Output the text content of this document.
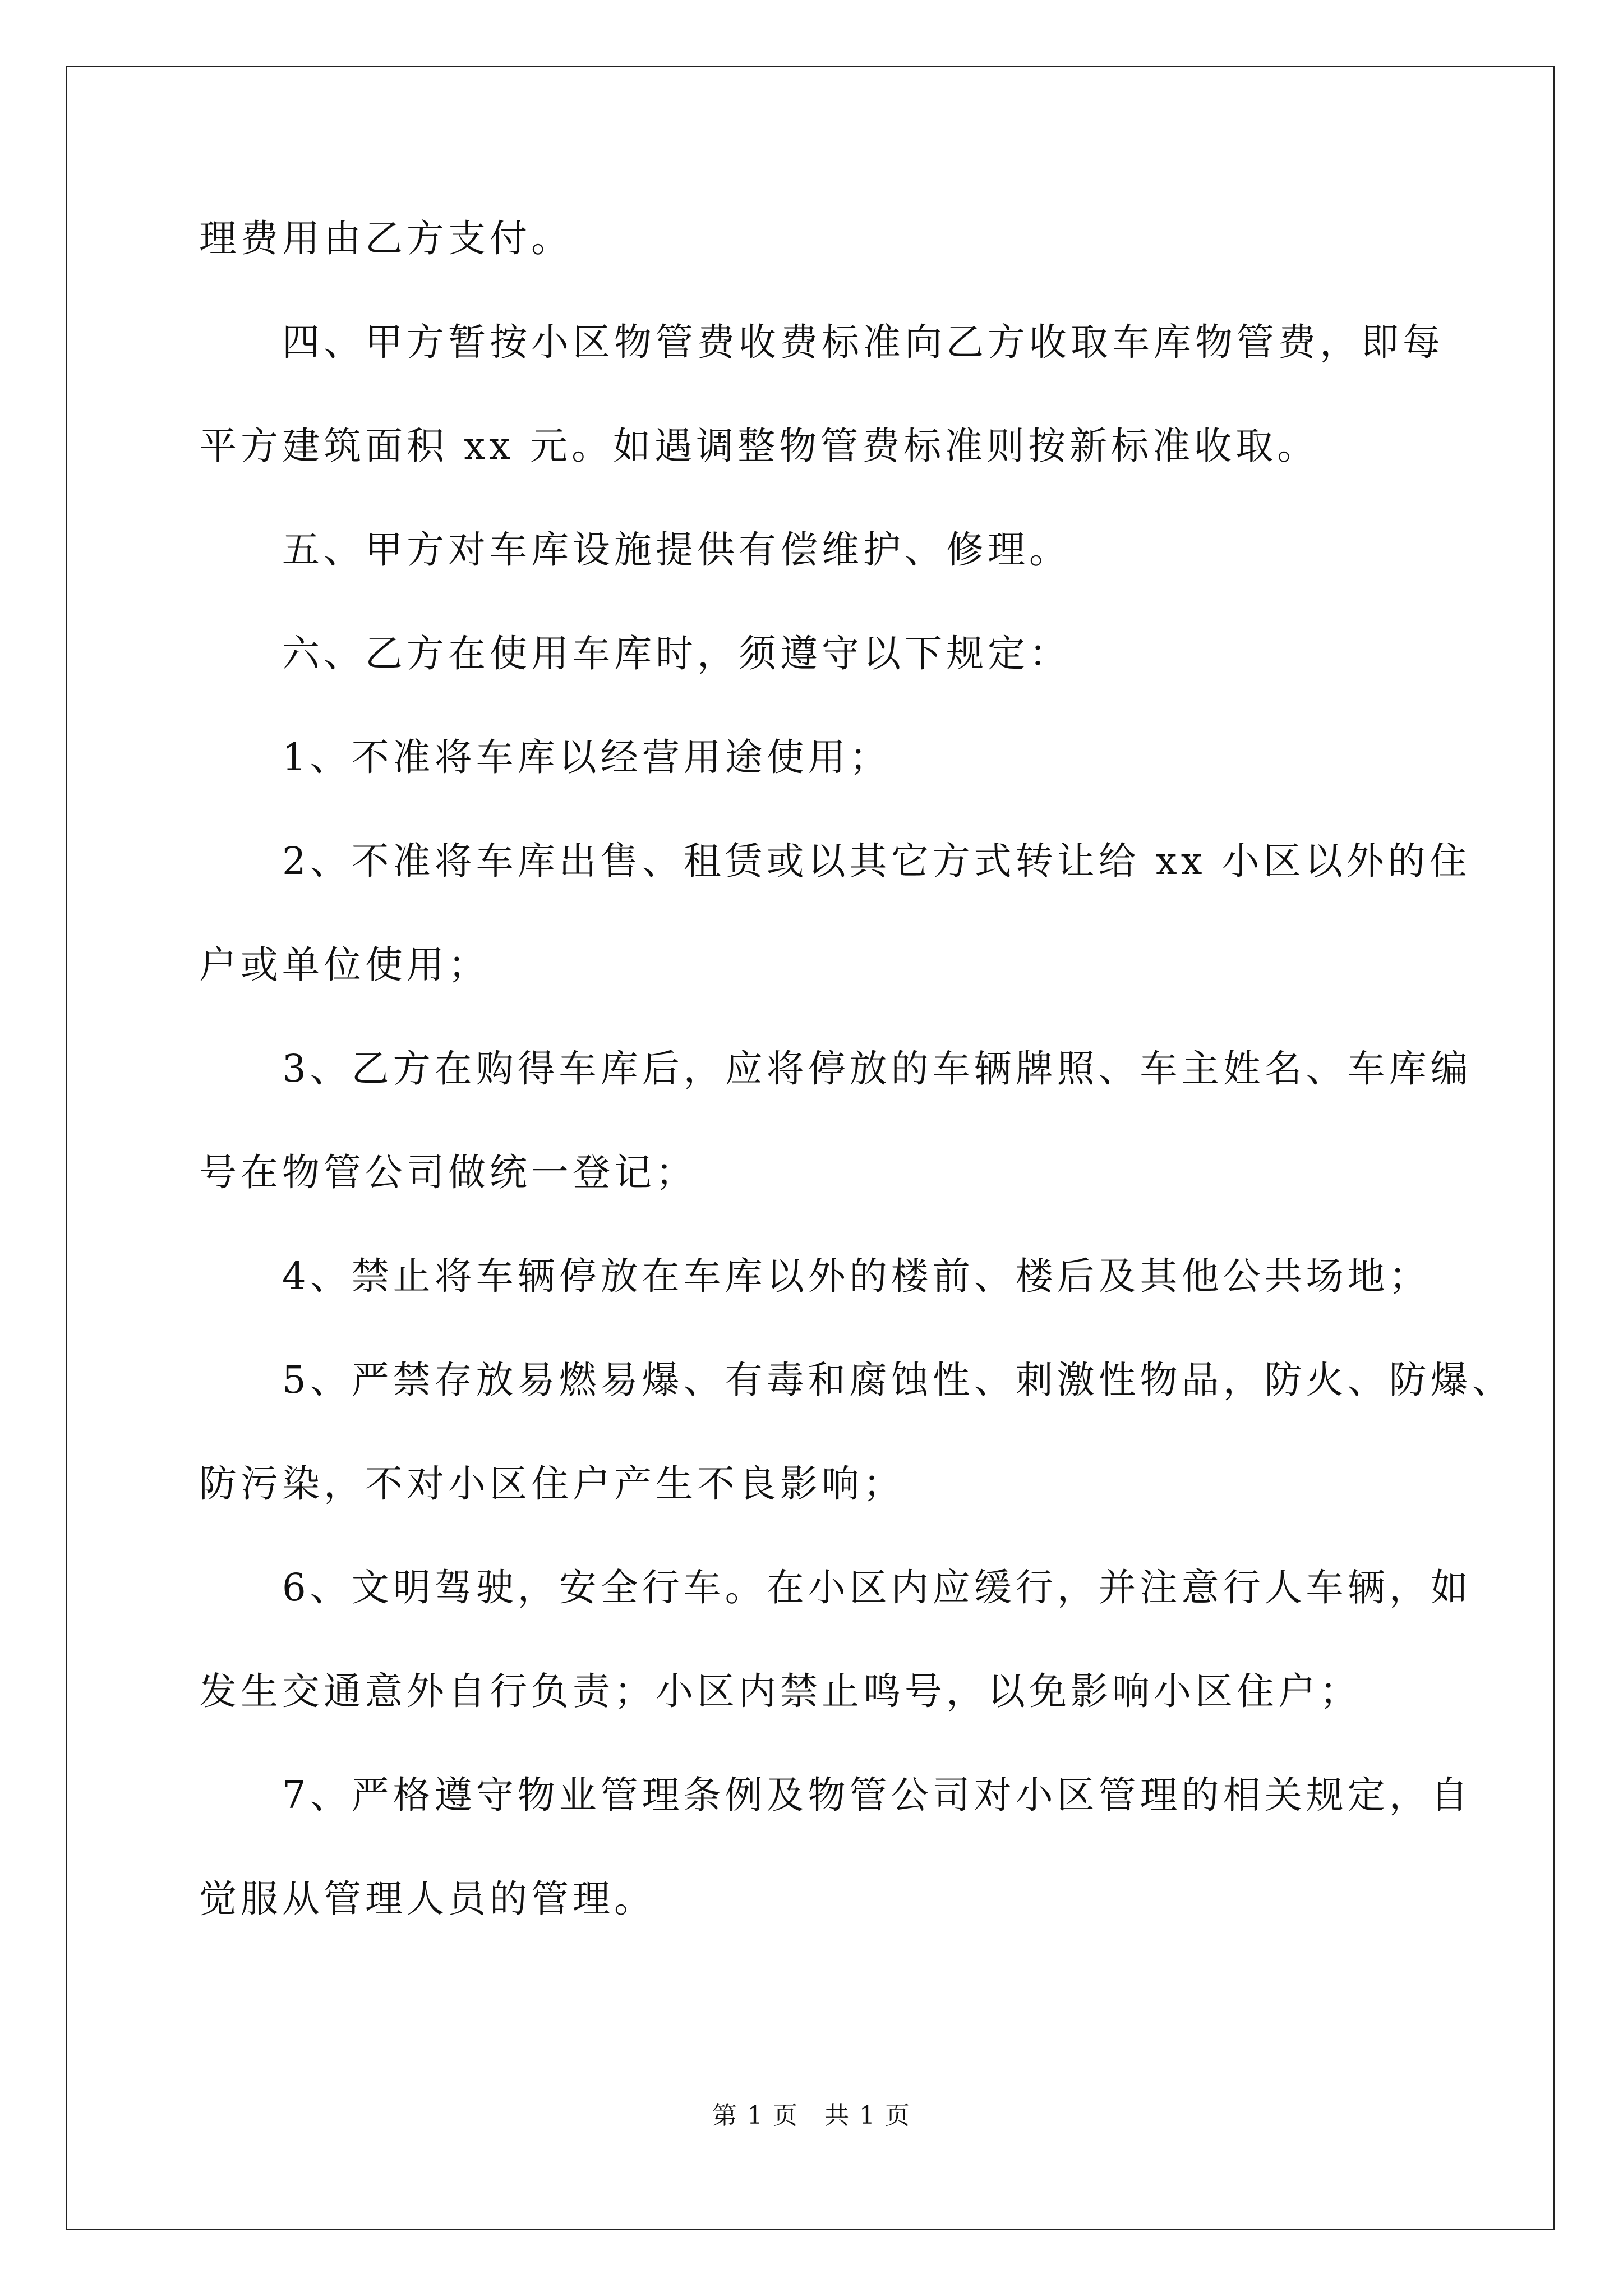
理费用由乙方支付。
四、甲方暂按小区物管费收费标准向乙方收取车库物管费，即每
平方建筑面积 xx 元。如遇调整物管费标准则按新标准收取。
五、甲方对车库设施提供有偿维护、修理。
六、乙方在使用车库时，须遵守以下规定：
1、不准将车库以经营用途使用；
2、不准将车库出售、租赁或以其它方式转让给 xx 小区以外的住
户或单位使用；
3、乙方在购得车库后，应将停放的车辆牌照、车主姓名、车库编
号在物管公司做统一登记；
4、禁止将车辆停放在车库以外的楼前、楼后及其他公共场地；
5、严禁存放易燃易爆、有毒和腐蚀性、刺激性物品，防火、防爆、
防污染，不对小区住户产生不良影响；
6、文明驾驶，安全行车。在小区内应缓行，并注意行人车辆，如
发生交通意外自行负责；小区内禁止鸣号，以免影响小区住户；
7、严格遵守物业管理条例及物管公司对小区管理的相关规定，自
觉服从管理人员的管理。
第 1 页　共 1 页
